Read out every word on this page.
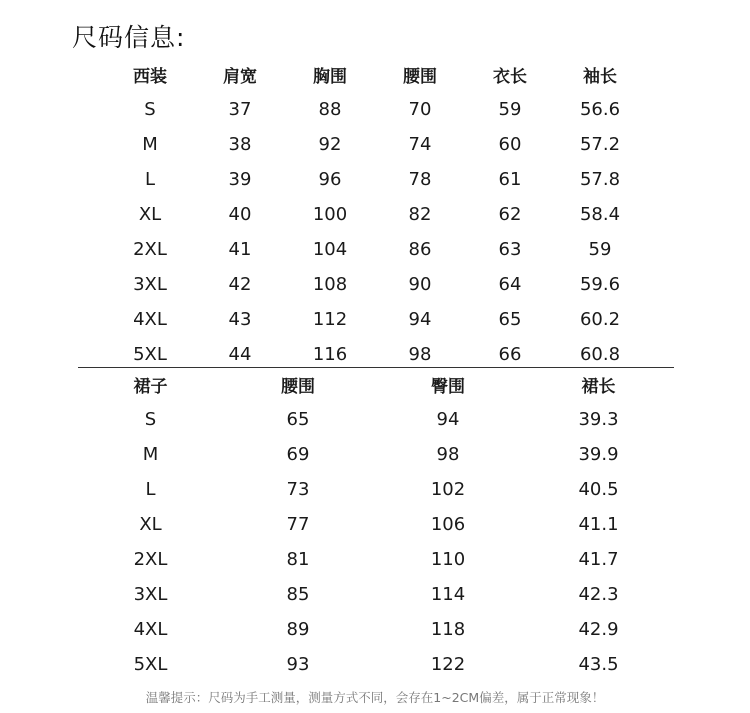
尺码信息:
西装	肩宽	胸围	腰围	衣长	袖长
S	37	88	70	59	56.6
M	38	92	74	60	57.2
L	39	96	78	61	57.8
XL	40	100	82	62	58.4
2XL	41	104	86	63	59
3XL	42	108	90	64	59.6
4XL	43	112	94	65	60.2
5XL	44	116	98	66	60.8
裙子	腰围	臀围	裙长
S	65	94	39.3
M	69	98	39.9
L	73	102	40.5
XL	77	106	41.1
2XL	81	110	41.7
3XL	85	114	42.3
4XL	89	118	42.9
5XL	93	122	43.5
温馨提示：尺码为手工测量，测量方式不同，会存在1~2CM偏差，属于正常现象！
